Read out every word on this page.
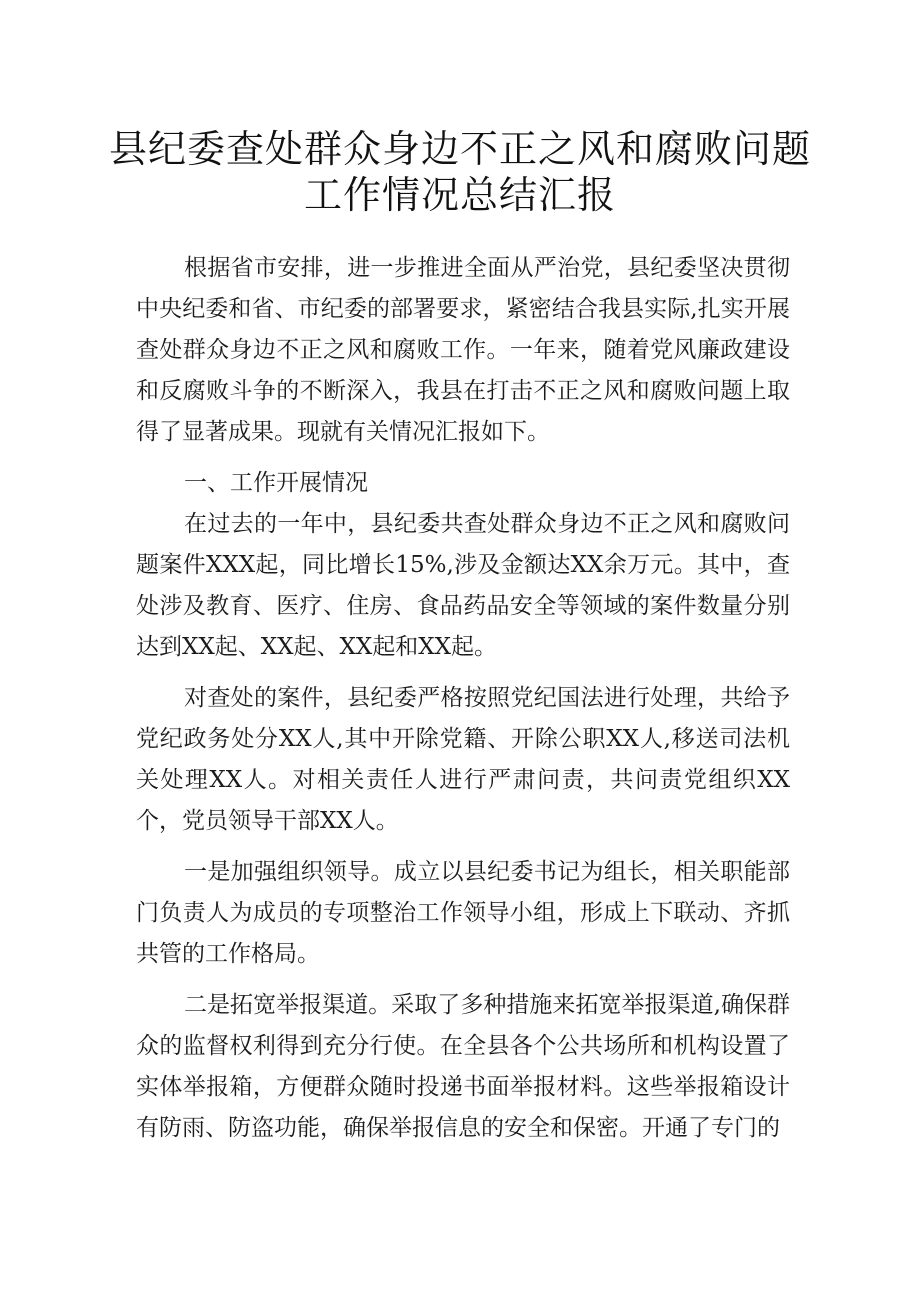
县纪委查处群众身边不正之风和腐败问题
工作情况总结汇报

根据省市安排，进一步推进全面从严治党，县纪委坚决贯彻中央纪委和省、市纪委的部署要求，紧密结合我县实际,扎实开展查处群众身边不正之风和腐败工作。一年来，随着党风廉政建设和反腐败斗争的不断深入，我县在打击不正之风和腐败问题上取得了显著成果。现就有关情况汇报如下。

一、工作开展情况

在过去的一年中，县纪委共查处群众身边不正之风和腐败问题案件XXX起，同比增长15%,涉及金额达XX余万元。其中，查处涉及教育、医疗、住房、食品药品安全等领域的案件数量分别达到XX起、XX起、XX起和XX起。

对查处的案件，县纪委严格按照党纪国法进行处理，共给予党纪政务处分XX人,其中开除党籍、开除公职XX人,移送司法机关处理XX人。对相关责任人进行严肃问责，共问责党组织XX个，党员领导干部XX人。

一是加强组织领导。成立以县纪委书记为组长，相关职能部门负责人为成员的专项整治工作领导小组，形成上下联动、齐抓共管的工作格局。

二是拓宽举报渠道。采取了多种措施来拓宽举报渠道,确保群众的监督权利得到充分行使。在全县各个公共场所和机构设置了实体举报箱，方便群众随时投递书面举报材料。这些举报箱设计有防雨、防盗功能，确保举报信息的安全和保密。开通了专门的
